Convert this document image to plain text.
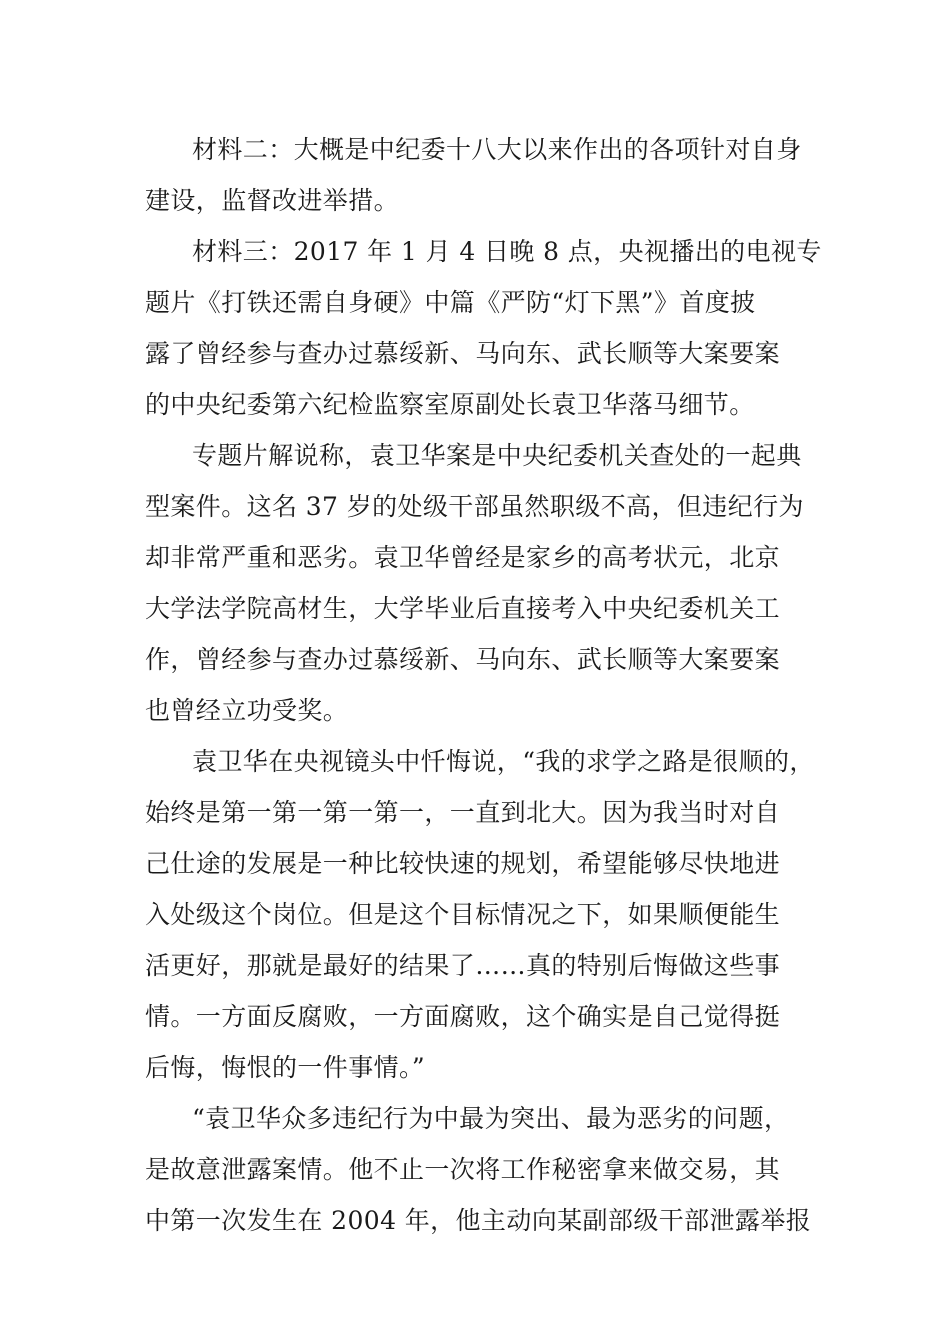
材料二：大概是中纪委十八大以来作出的各项针对自身
建设，监督改进举措。
材料三：2017 年 1 月 4 日晚 8 点，央视播出的电视专
题片《打铁还需自身硬》中篇《严防“灯下黑”》首度披
露了曾经参与查办过慕绥新、马向东、武长顺等大案要案
的中央纪委第六纪检监察室原副处长袁卫华落马细节。
专题片解说称，袁卫华案是中央纪委机关查处的一起典
型案件。这名 37 岁的处级干部虽然职级不高，但违纪行为
却非常严重和恶劣。袁卫华曾经是家乡的高考状元，北京
大学法学院高材生，大学毕业后直接考入中央纪委机关工
作，曾经参与查办过慕绥新、马向东、武长顺等大案要案
也曾经立功受奖。
袁卫华在央视镜头中忏悔说，“我的求学之路是很顺的，
始终是第一第一第一第一，一直到北大。因为我当时对自
己仕途的发展是一种比较快速的规划，希望能够尽快地进
入处级这个岗位。但是这个目标情况之下，如果顺便能生
活更好，那就是最好的结果了……真的特别后悔做这些事
情。一方面反腐败，一方面腐败，这个确实是自己觉得挺
后悔，悔恨的一件事情。”
“袁卫华众多违纪行为中最为突出、最为恶劣的问题，
是故意泄露案情。他不止一次将工作秘密拿来做交易，其
中第一次发生在 2004 年，他主动向某副部级干部泄露举报
